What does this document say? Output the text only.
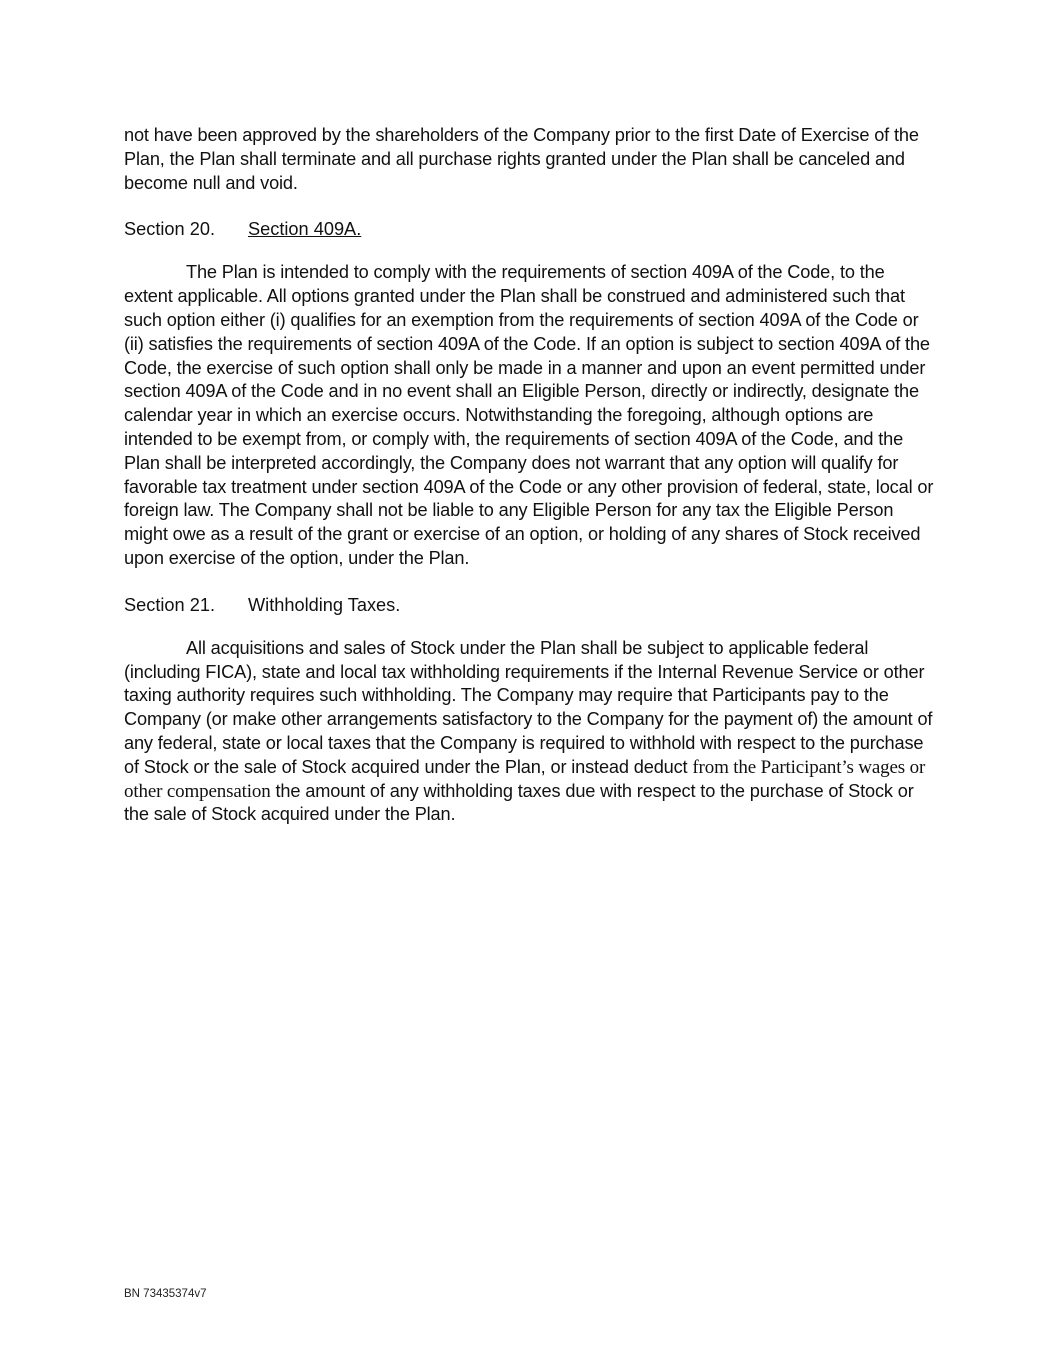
not have been approved by the shareholders of the Company prior to the first Date of Exercise of the Plan, the Plan shall terminate and all purchase rights granted under the Plan shall be canceled and become null and void.

Section 20.	Section 409A.

The Plan is intended to comply with the requirements of section 409A of the Code, to the extent applicable. All options granted under the Plan shall be construed and administered such that such option either (i) qualifies for an exemption from the requirements of section 409A of the Code or (ii) satisfies the requirements of section 409A of the Code. If an option is subject to section 409A of the Code, the exercise of such option shall only be made in a manner and upon an event permitted under section 409A of the Code and in no event shall an Eligible Person, directly or indirectly, designate the calendar year in which an exercise occurs. Notwithstanding the foregoing, although options are intended to be exempt from, or comply with, the requirements of section 409A of the Code, and the Plan shall be interpreted accordingly, the Company does not warrant that any option will qualify for favorable tax treatment under section 409A of the Code or any other provision of federal, state, local or foreign law. The Company shall not be liable to any Eligible Person for any tax the Eligible Person might owe as a result of the grant or exercise of an option, or holding of any shares of Stock received upon exercise of the option, under the Plan.

Section 21.	Withholding Taxes.

All acquisitions and sales of Stock under the Plan shall be subject to applicable federal (including FICA), state and local tax withholding requirements if the Internal Revenue Service or other taxing authority requires such withholding. The Company may require that Participants pay to the Company (or make other arrangements satisfactory to the Company for the payment of) the amount of any federal, state or local taxes that the Company is required to withhold with respect to the purchase of Stock or the sale of Stock acquired under the Plan, or instead deduct from the Participant’s wages or other compensation the amount of any withholding taxes due with respect to the purchase of Stock or the sale of Stock acquired under the Plan.

BN 73435374v7
